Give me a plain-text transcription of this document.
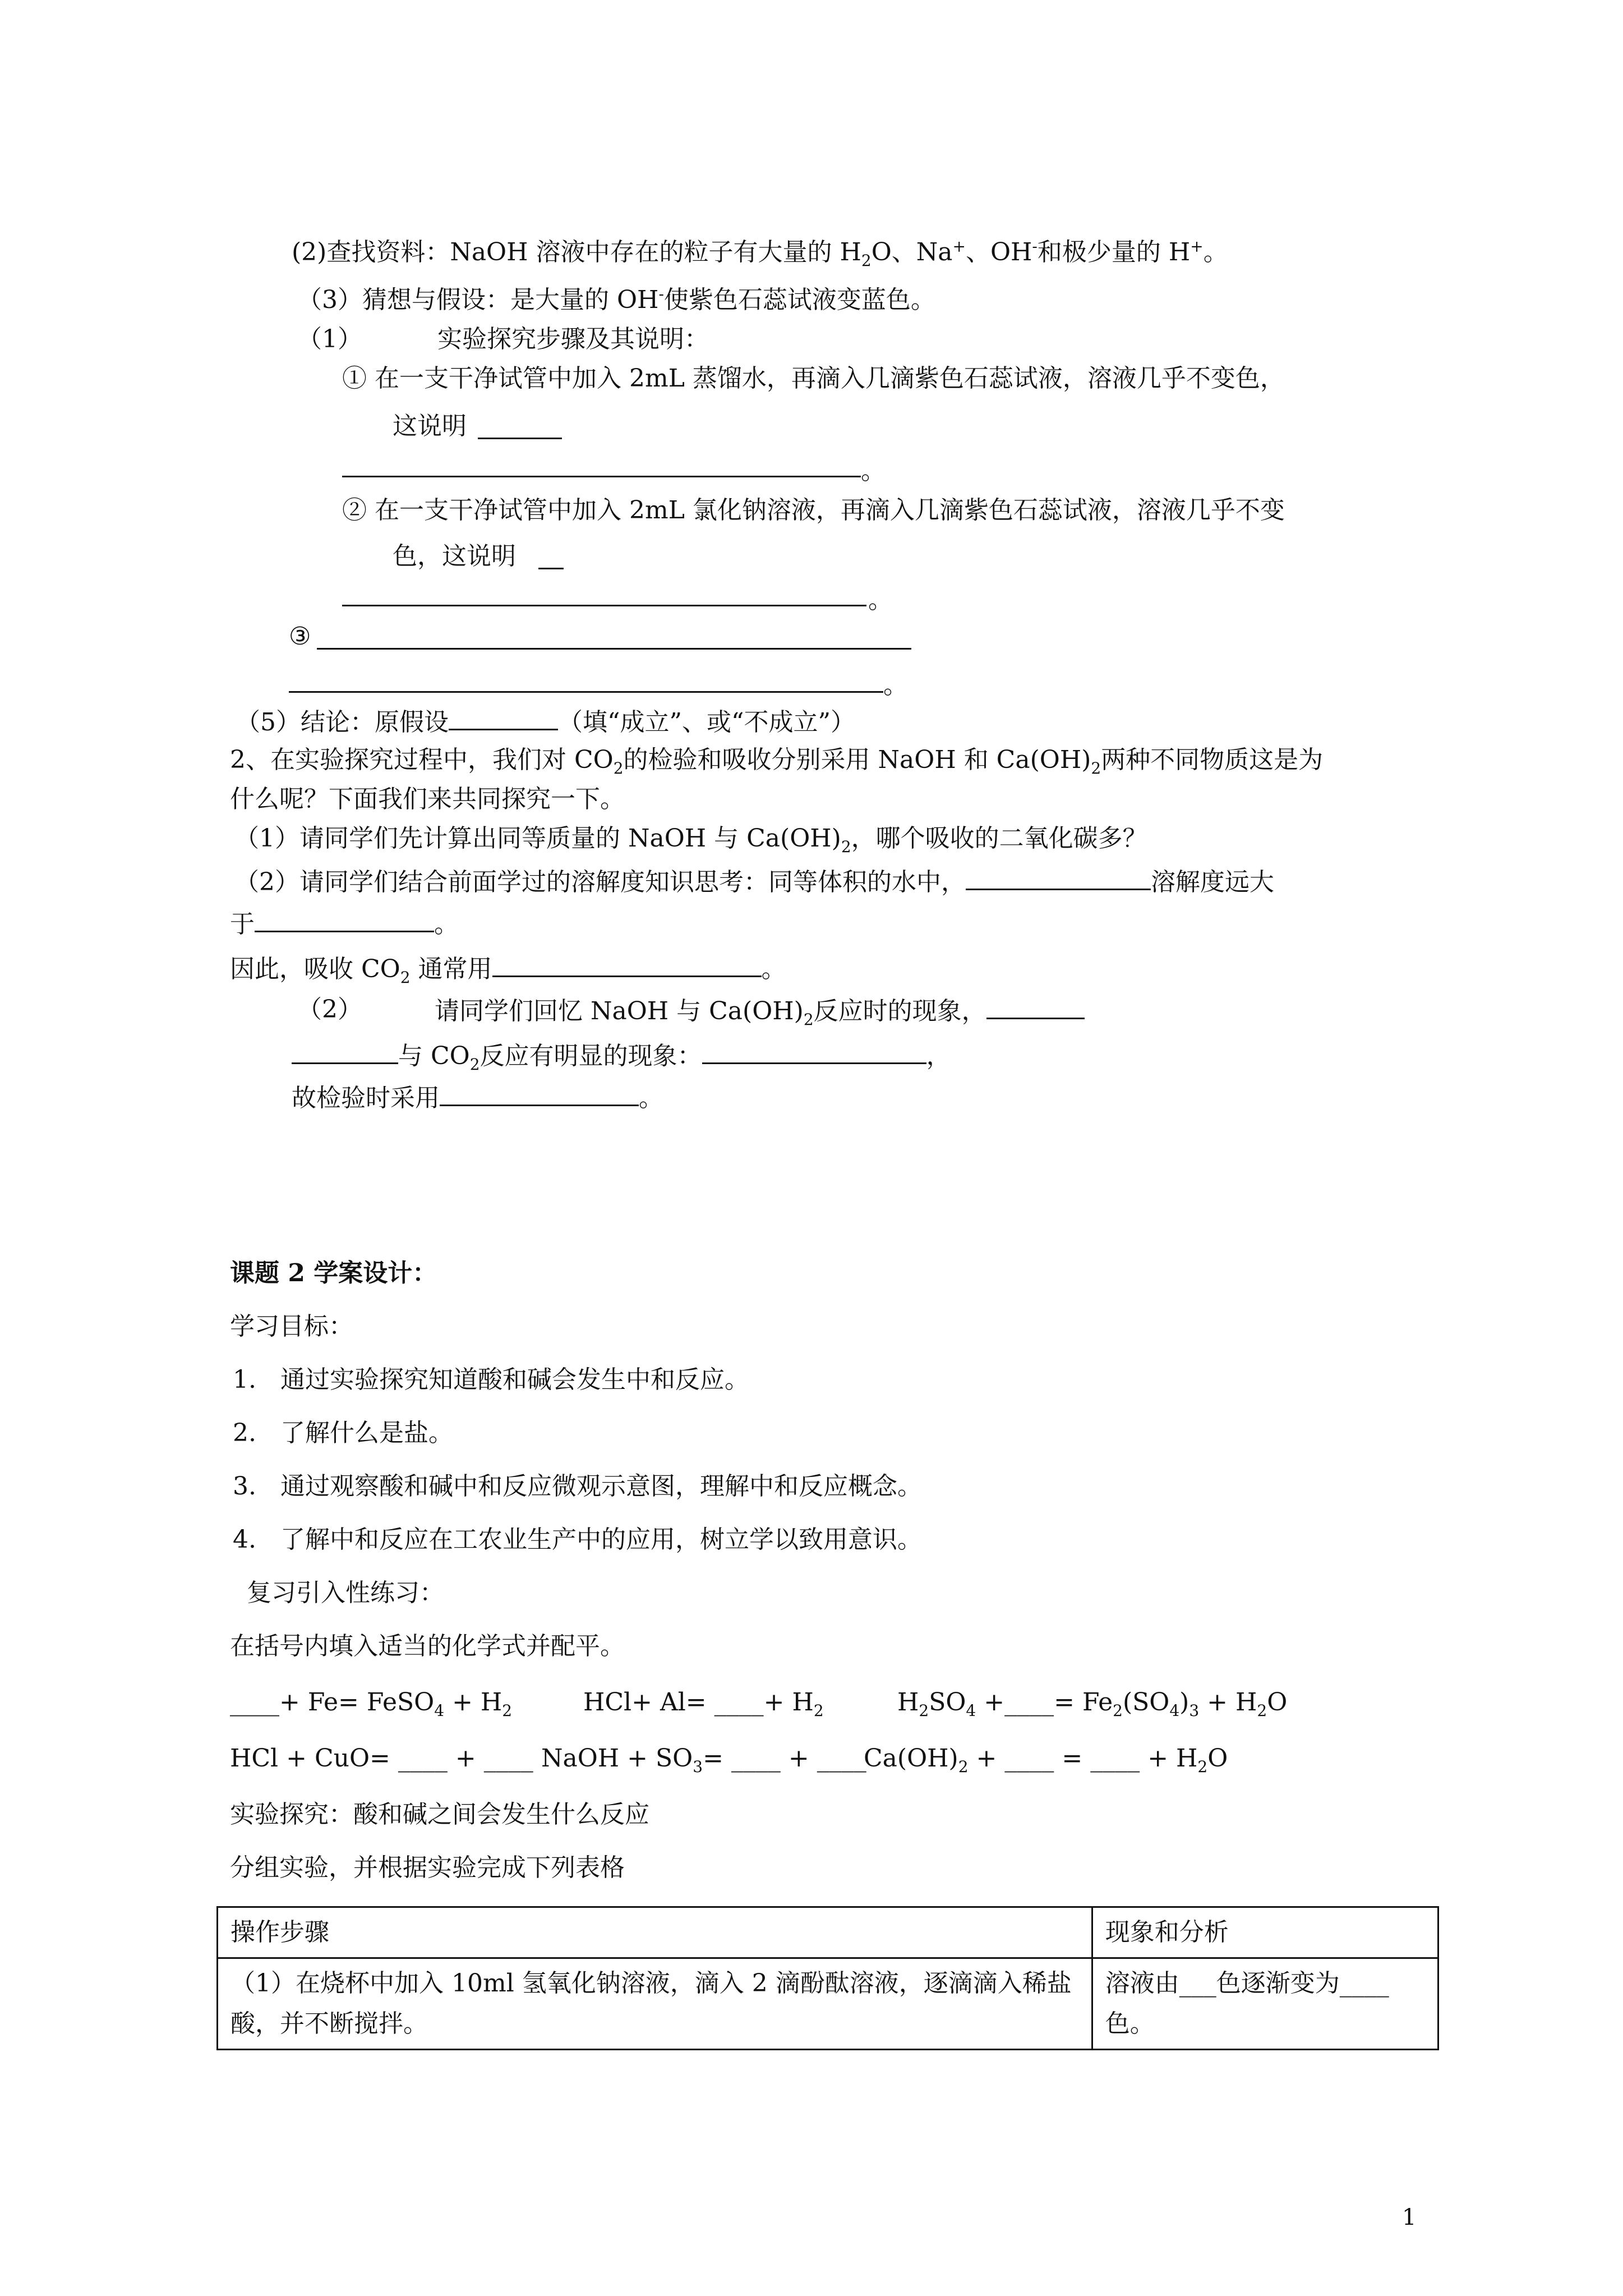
(2)查找资料：NaOH 溶液中存在的粒子有大量的 $H_2O$、Na+、OH-和极少量的 H+。
（3）猜想与假设：是大量的 OH-使紫色石蕊试液变蓝色。
（1）	实验探究步骤及其说明：
① 在一支干净试管中加入 2mL 蒸馏水，再滴入几滴紫色石蕊试液，溶液几乎不变色，
这说明
。
② 在一支干净试管中加入 2mL 氯化钠溶液，再滴入几滴紫色石蕊试液，溶液几乎不变
色，这说明
。
③
。
（5）结论：原假设	（填“成立”、或“不成立”）
2、在实验探究过程中，我们对 $CO_2$的检验和吸收分别采用 NaOH 和 $Ca(OH)_2$两种不同物质这是为
什么呢？下面我们来共同探究一下。
（1）请同学们先计算出同等质量的 NaOH 与 $Ca(OH)_2$，哪个吸收的二氧化碳多？
（2）请同学们结合前面学过的溶解度知识思考：同等体积的水中，	溶解度远大
于	。
因此，吸收 $CO_2$ 通常用	。
（2）	请同学们回忆 NaOH 与 $Ca(OH)_2$反应时的现象，
与 $CO_2$反应有明显的现象：	，
故检验时采用	。
课题 2 学案设计：
学习目标：
1. 通过实验探究知道酸和碱会发生中和反应。
2. 了解什么是盐。
3. 通过观察酸和碱中和反应微观示意图，理解中和反应概念。
4. 了解中和反应在工农业生产中的应用，树立学以致用意识。
复习引入性练习：
在括号内填入适当的化学式并配平。
____+ Fe= FeSO$_4$ + $H_2$	HCl+ Al= ____+ $H_2$	$H_2SO_4$ +____= $Fe_2(SO_4)_3 + H_2O$
HCl + CuO= ____ + ____ NaOH + $SO_3=$ ____ + ____
$Ca(OH)_2$ + ____ = ____ + $H_2O$
实验探究：酸和碱之间会发生什么反应
分组实验，并根据实验完成下列表格
操作步骤	现象和分析
（1）在烧杯中加入 10ml 氢氧化钠溶液，滴入 2 滴酚酞溶液，逐滴滴入稀盐酸，并不断搅拌。	溶液由___色逐渐变为____色。
1
